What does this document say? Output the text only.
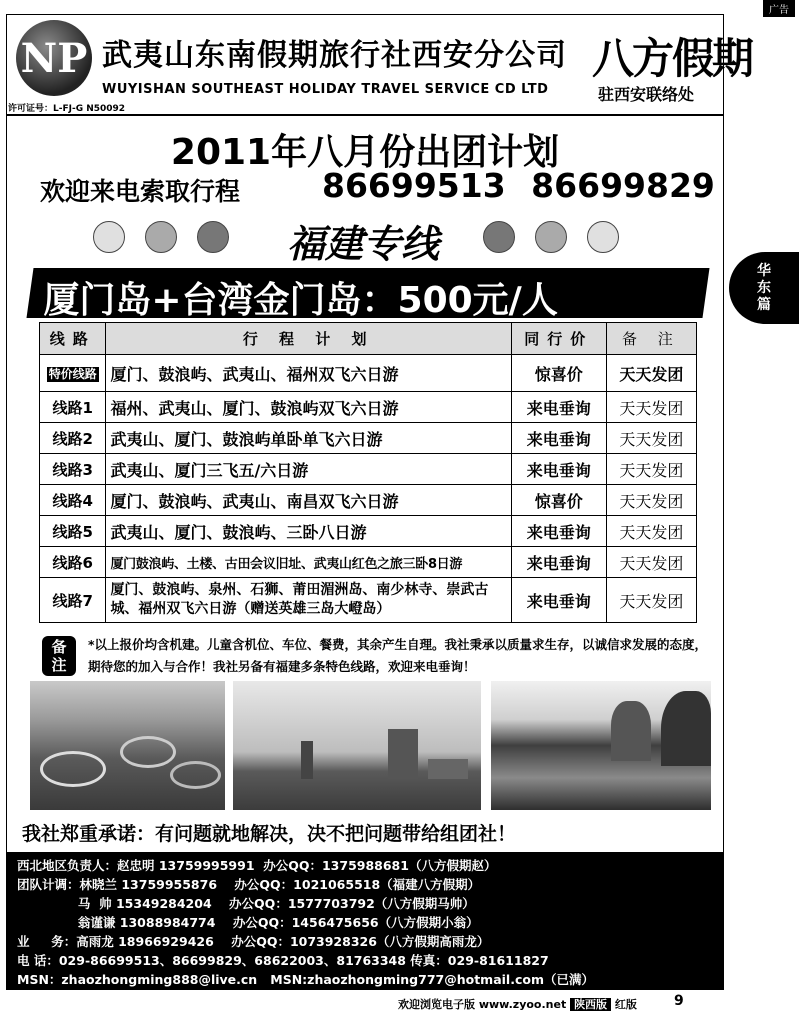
广告
华
东
篇
NP 武夷山东南假期旅行社西安分公司
WUYISHAN SOUTHEAST HOLIDAY TRAVEL SERVICE CD LTD
八方假期
驻西安联络处
许可证号：L-FJ-G N50092
2011年八月份出团计划
欢迎来电索取行程 86699513 86699829
福建专线
厦门岛+台湾金门岛：500元/人
线路	行 程 计 划	同行价	备 注
特价线路	厦门、鼓浪屿、武夷山、福州双飞六日游	惊喜价	天天发团
线路1	福州、武夷山、厦门、鼓浪屿双飞六日游	来电垂询	天天发团
线路2	武夷山、厦门、鼓浪屿单卧单飞六日游	来电垂询	天天发团
线路3	武夷山、厦门三飞五/六日游	来电垂询	天天发团
线路4	厦门、鼓浪屿、武夷山、南昌双飞六日游	惊喜价	天天发团
线路5	武夷山、厦门、鼓浪屿、三卧八日游	来电垂询	天天发团
线路6	厦门鼓浪屿、土楼、古田会议旧址、武夷山红色之旅三卧8日游	来电垂询	天天发团
线路7	厦门、鼓浪屿、泉州、石狮、莆田湄洲岛、南少林寺、崇武古城、福州双飞六日游（赠送英雄三岛大嶝岛）	来电垂询	天天发团
备
注
*以上报价均含机建。儿童含机位、车位、餐费，其余产生自理。我社秉承以质量求生存，以诚信求发展的态度，期待您的加入与合作！我社另备有福建多条特色线路，欢迎来电垂询！
我社郑重承诺：有问题就地解决，决不把问题带给组团社！
西北地区负责人：赵忠明 13759995991  办公QQ：1375988681（八方假期赵）
团队计调：林晓兰 13759955876    办公QQ：1021065518（福建八方假期）
马  帅 15349284204    办公QQ：1577703792（八方假期马帅）
翁谨谦 13088984774    办公QQ：1456475656（八方假期小翁）
业     务：高雨龙 18966929426    办公QQ：1073928326（八方假期高雨龙）
电 话：029-86699513、86699829、68622003、81763348 传真：029-81611827
MSN：zhaozhongming888@live.cn   MSN:zhaozhongming777@hotmail.com（已满）
欢迎浏览电子版 www.zyoo.net 陕西版 红版	9
